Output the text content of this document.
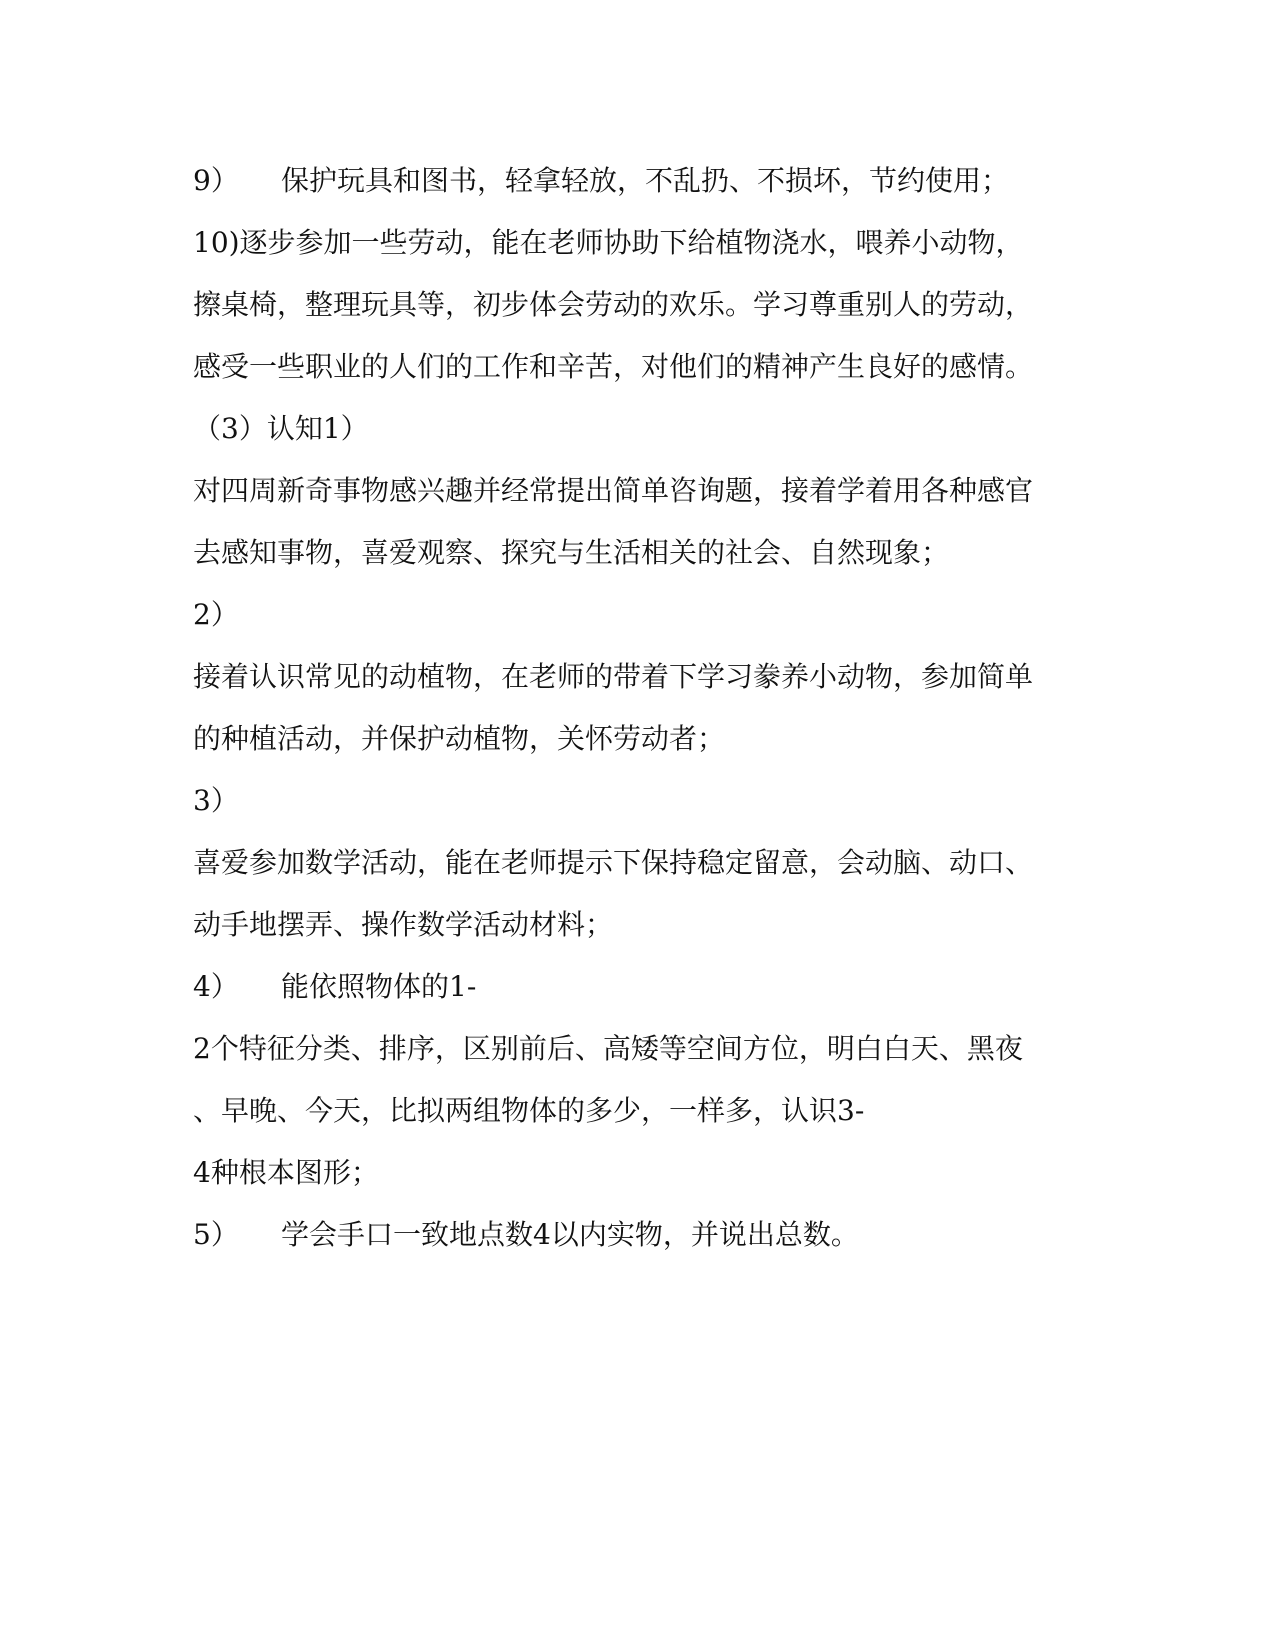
9） 保护玩具和图书，轻拿轻放，不乱扔、不损坏，节约使用；
10)逐步参加一些劳动，能在老师协助下给植物浇水，喂养小动物，
擦桌椅，整理玩具等，初步体会劳动的欢乐。学习尊重别人的劳动，
感受一些职业的人们的工作和辛苦，对他们的精神产生良好的感情。
（3）认知1）
对四周新奇事物感兴趣并经常提出简单咨询题，接着学着用各种感官
去感知事物，喜爱观察、探究与生活相关的社会、自然现象；
2）
接着认识常见的动植物，在老师的带着下学习豢养小动物，参加简单
的种植活动，并保护动植物，关怀劳动者；
3）
喜爱参加数学活动，能在老师提示下保持稳定留意，会动脑、动口、
动手地摆弄、操作数学活动材料；
4） 能依照物体的1-
2个特征分类、排序，区别前后、高矮等空间方位，明白白天、黑夜
、早晚、今天，比拟两组物体的多少，一样多，认识3-
4种根本图形；
5） 学会手口一致地点数4以内实物，并说出总数。
